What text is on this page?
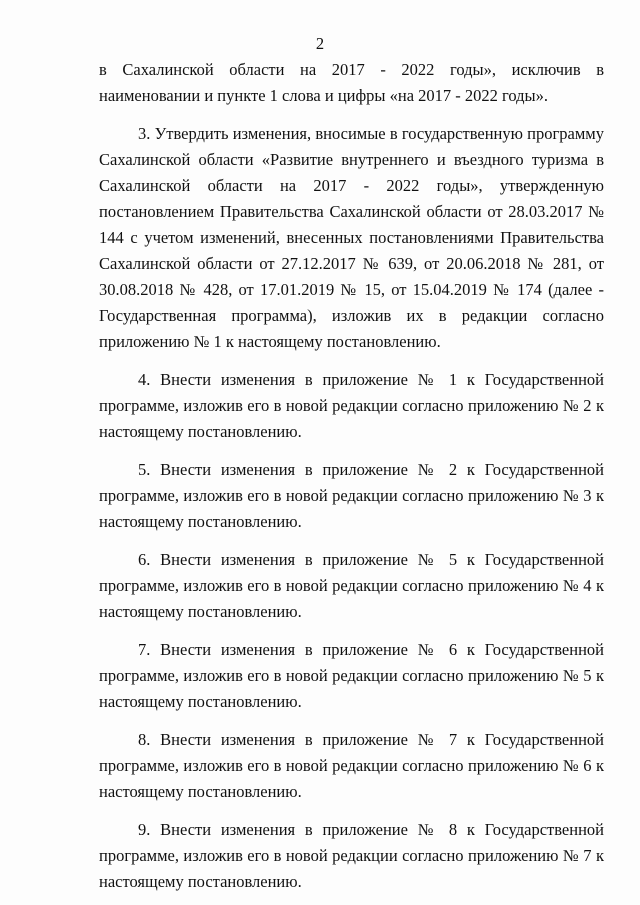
2

в Сахалинской области на 2017 - 2022 годы», исключив в наименовании и пункте 1 слова и цифры «на 2017 - 2022 годы».

3. Утвердить изменения, вносимые в государственную программу Сахалинской области «Развитие внутреннего и въездного туризма в Сахалинской области на 2017 - 2022 годы», утвержденную постановлением Правительства Сахалинской области от 28.03.2017 № 144 с учетом изменений, внесенных постановлениями Правительства Сахалинской области от 27.12.2017 № 639, от 20.06.2018 № 281, от 30.08.2018 № 428, от 17.01.2019 № 15, от 15.04.2019 № 174 (далее - Государственная программа), изложив их в редакции согласно приложению № 1 к настоящему постановлению.

4. Внести изменения в приложение № 1 к Государственной программе, изложив его в новой редакции согласно приложению № 2 к настоящему постановлению.

5. Внести изменения в приложение № 2 к Государственной программе, изложив его в новой редакции согласно приложению № 3 к настоящему постановлению.

6. Внести изменения в приложение № 5 к Государственной программе, изложив его в новой редакции согласно приложению № 4 к настоящему постановлению.

7. Внести изменения в приложение № 6 к Государственной программе, изложив его в новой редакции согласно приложению № 5 к настоящему постановлению.

8. Внести изменения в приложение № 7 к Государственной программе, изложив его в новой редакции согласно приложению № 6 к настоящему постановлению.

9. Внести изменения в приложение № 8 к Государственной программе, изложив его в новой редакции согласно приложению № 7 к настоящему постановлению.
